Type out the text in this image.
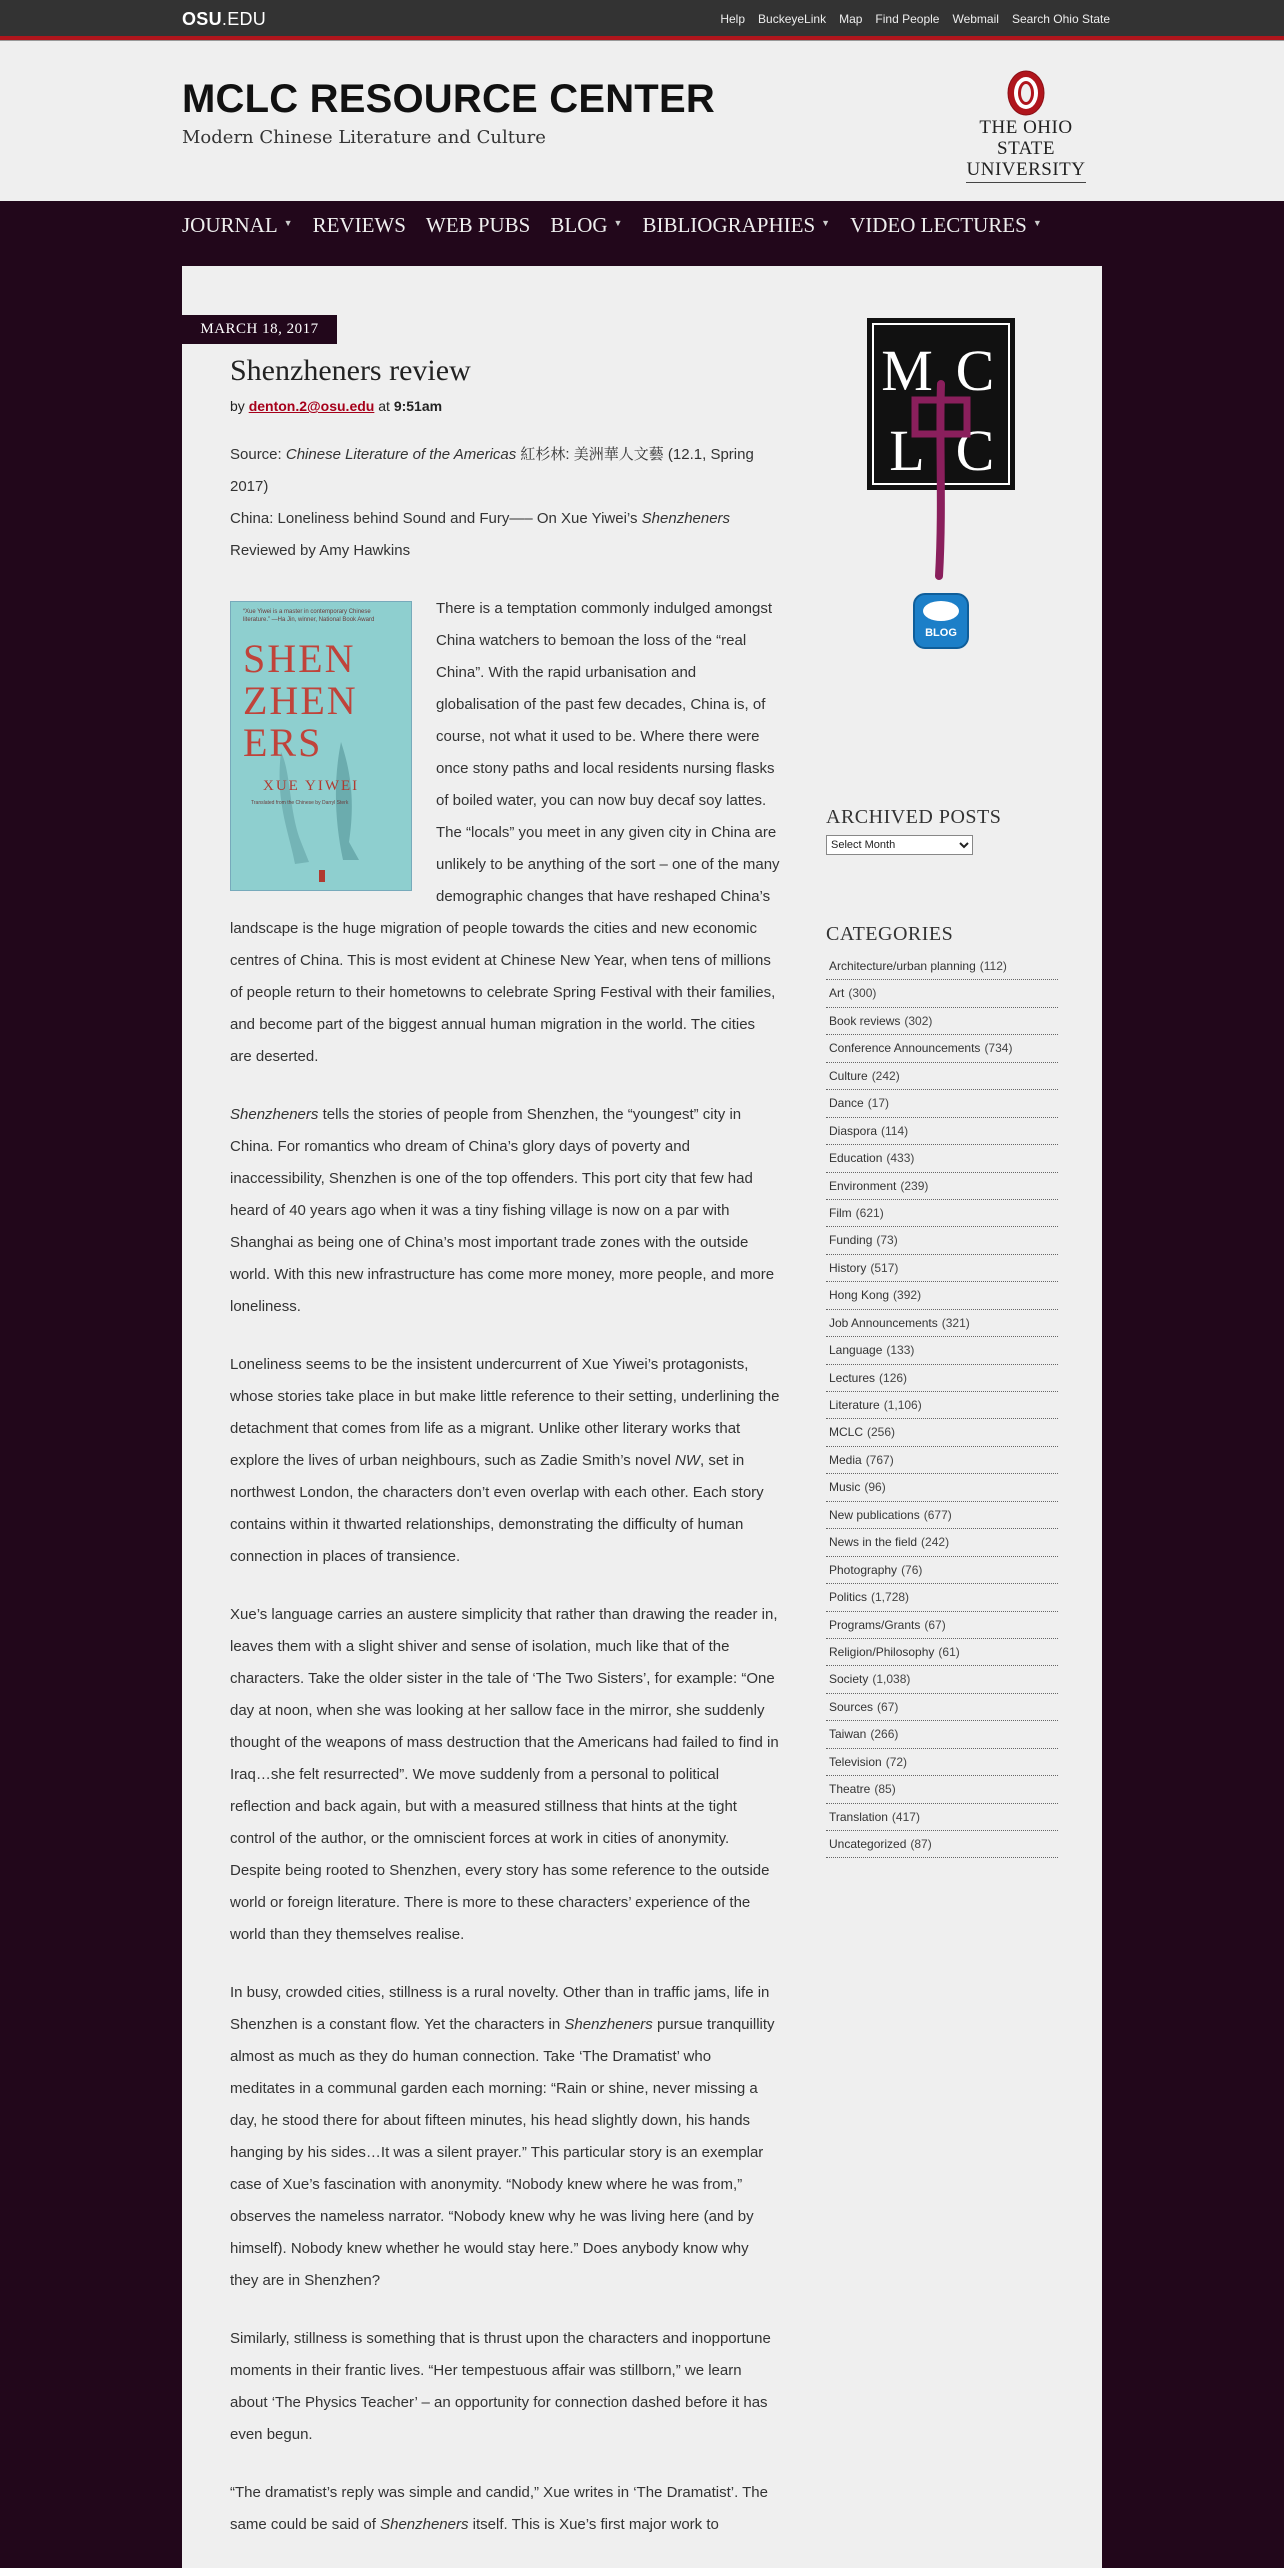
OSU.EDU	Help BuckeyeLink Map Find People Webmail Search Ohio State
MCLC RESOURCE CENTER
Modern Chinese Literature and Culture	THE OHIO STATE
UNIVERSITY
JOURNAL ▼ REVIEWS WEB PUBS BLOG ▼ BIBLIOGRAPHIES ▼ VIDEO LECTURES ▼
MARCH 18, 2017
Shenzheners review
by denton.2@osu.edu at 9:51am

Source: Chinese Literature of the Americas 紅杉林: 美洲華人文藝 (12.1, Spring 2017)

China: Loneliness behind Sound and Fury—– On Xue Yiwei’s Shenzheners

Reviewed by Amy Hawkins

“Xue Yiwei is a master in contemporary Chinese literature.” —Ha Jin, winner, National Book Award
SHEN
ZHEN
ERS
XUE YIWEI
Translated from the Chinese by Darryl Sterk

There is a temptation commonly indulged amongst China watchers to bemoan the loss of the “real China”. With the rapid urbanisation and globalisation of the past few decades, China is, of course, not what it used to be. Where there were once stony paths and local residents nursing flasks of boiled water, you can now buy decaf soy lattes. The “locals” you meet in any given city in China are unlikely to be anything of the sort – one of the many demographic changes that have reshaped China’s landscape is the huge migration of people towards the cities and new economic centres of China. This is most evident at Chinese New Year, when tens of millions of people return to their hometowns to celebrate Spring Festival with their families, and become part of the biggest annual human migration in the world. The cities are deserted.

Shenzheners tells the stories of people from Shenzhen, the “youngest” city in China. For romantics who dream of China’s glory days of poverty and inaccessibility, Shenzhen is one of the top offenders. This port city that few had heard of 40 years ago when it was a tiny fishing village is now on a par with Shanghai as being one of China’s most important trade zones with the outside world. With this new infrastructure has come more money, more people, and more loneliness.

Loneliness seems to be the insistent undercurrent of Xue Yiwei’s protagonists, whose stories take place in but make little reference to their setting, underlining the detachment that comes from life as a migrant. Unlike other literary works that explore the lives of urban neighbours, such as Zadie Smith’s novel NW, set in northwest London, the characters don’t even overlap with each other. Each story contains within it thwarted relationships, demonstrating the difficulty of human connection in places of transience.

Xue’s language carries an austere simplicity that rather than drawing the reader in, leaves them with a slight shiver and sense of isolation, much like that of the characters. Take the older sister in the tale of ‘The Two Sisters’, for example: “One day at noon, when she was looking at her sallow face in the mirror, she suddenly thought of the weapons of mass destruction that the Americans had failed to find in Iraq…she felt resurrected”. We move suddenly from a personal to political reflection and back again, but with a measured stillness that hints at the tight control of the author, or the omniscient forces at work in cities of anonymity. Despite being rooted to Shenzhen, every story has some reference to the outside world or foreign literature. There is more to these characters’ experience of the world than they themselves realise.

In busy, crowded cities, stillness is a rural novelty. Other than in traffic jams, life in Shenzhen is a constant flow. Yet the characters in Shenzheners pursue tranquillity almost as much as they do human connection. Take ‘The Dramatist’ who meditates in a communal garden each morning: “Rain or shine, never missing a day, he stood there for about fifteen minutes, his head slightly down, his hands hanging by his sides…It was a silent prayer.” This particular story is an exemplar case of Xue’s fascination with anonymity. “Nobody knew where he was from,” observes the nameless narrator. “Nobody knew why he was living here (and by himself). Nobody knew whether he would stay here.” Does anybody know why they are in Shenzhen?

Similarly, stillness is something that is thrust upon the characters and inopportune moments in their frantic lives. “Her tempestuous affair was stillborn,” we learn about ‘The Physics Teacher’ – an opportunity for connection dashed before it has even begun.

“The dramatist’s reply was simple and candid,” Xue writes in ‘The Dramatist’. The same could be said of Shenzheners itself. This is Xue’s first major work to

M C
L C
BLOG
ARCHIVED POSTS
Select Month
CATEGORIES
Architecture/urban planning (112)
Art (300)
Book reviews (302)
Conference Announcements (734)
Culture (242)
Dance (17)
Diaspora (114)
Education (433)
Environment (239)
Film (621)
Funding (73)
History (517)
Hong Kong (392)
Job Announcements (321)
Language (133)
Lectures (126)
Literature (1,106)
MCLC (256)
Media (767)
Music (96)
New publications (677)
News in the field (242)
Photography (76)
Politics (1,728)
Programs/Grants (67)
Religion/Philosophy (61)
Society (1,038)
Sources (67)
Taiwan (266)
Television (72)
Theatre (85)
Translation (417)
Uncategorized (87)
